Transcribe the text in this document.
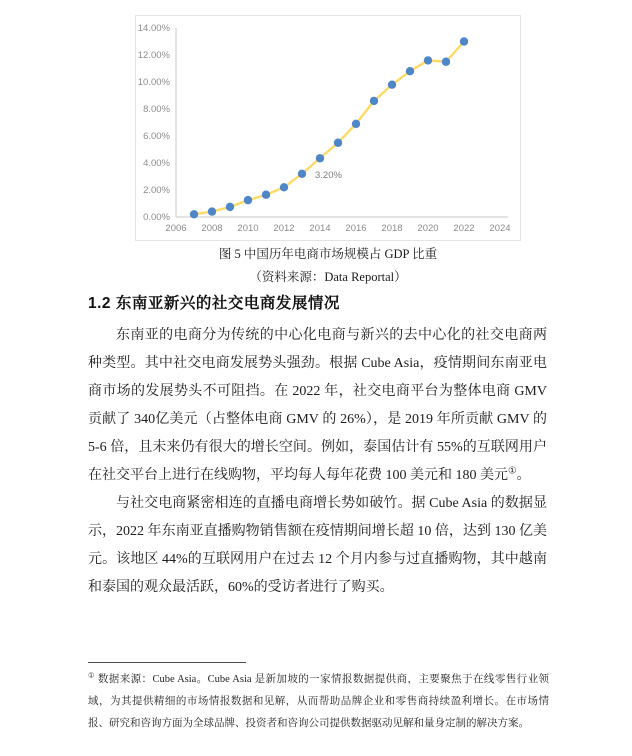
0.00%
2.00%
4.00%
6.00%
8.00%
10.00%
12.00%
14.00%
2006 2008 2010 2012 2014 2016 2018 2020 2022 2024
3.20%
图 5 中国历年电商市场规模占 GDP 比重
（资料来源：Data Reportal）
1.2 东南亚新兴的社交电商发展情况

东南亚的电商分为传统的中心化电商与新兴的去中心化的社交电商两种类型。其中社交电商发展势头强劲。根据 Cube Asia，疫情期间东南亚电商市场的发展势头不可阻挡。在 2022 年，社交电商平台为整体电商 GMV 贡献了 340亿美元（占整体电商 GMV 的 26%），是 2019 年所贡献 GMV 的 5-6 倍，且未来仍有很大的增长空间。例如，泰国估计有 55%的互联网用户在社交平台上进行在线购物，平均每人每年花费 100 美元和 180 美元①。

与社交电商紧密相连的直播电商增长势如破竹。据 Cube Asia 的数据显示，2022 年东南亚直播购物销售额在疫情期间增长超 10 倍，达到 130 亿美元。该地区 44%的互联网用户在过去 12 个月内参与过直播购物，其中越南和泰国的观众最活跃，60%的受访者进行了购买。

① 数据来源：Cube Asia。Cube Asia 是新加坡的一家情报数据提供商，主要聚焦于在线零售行业领域，为其提供精细的市场情报数据和见解，从而帮助品牌企业和零售商持续盈利增长。在市场情报、研究和咨询方面为全球品牌、投资者和咨询公司提供数据驱动见解和量身定制的解决方案。
